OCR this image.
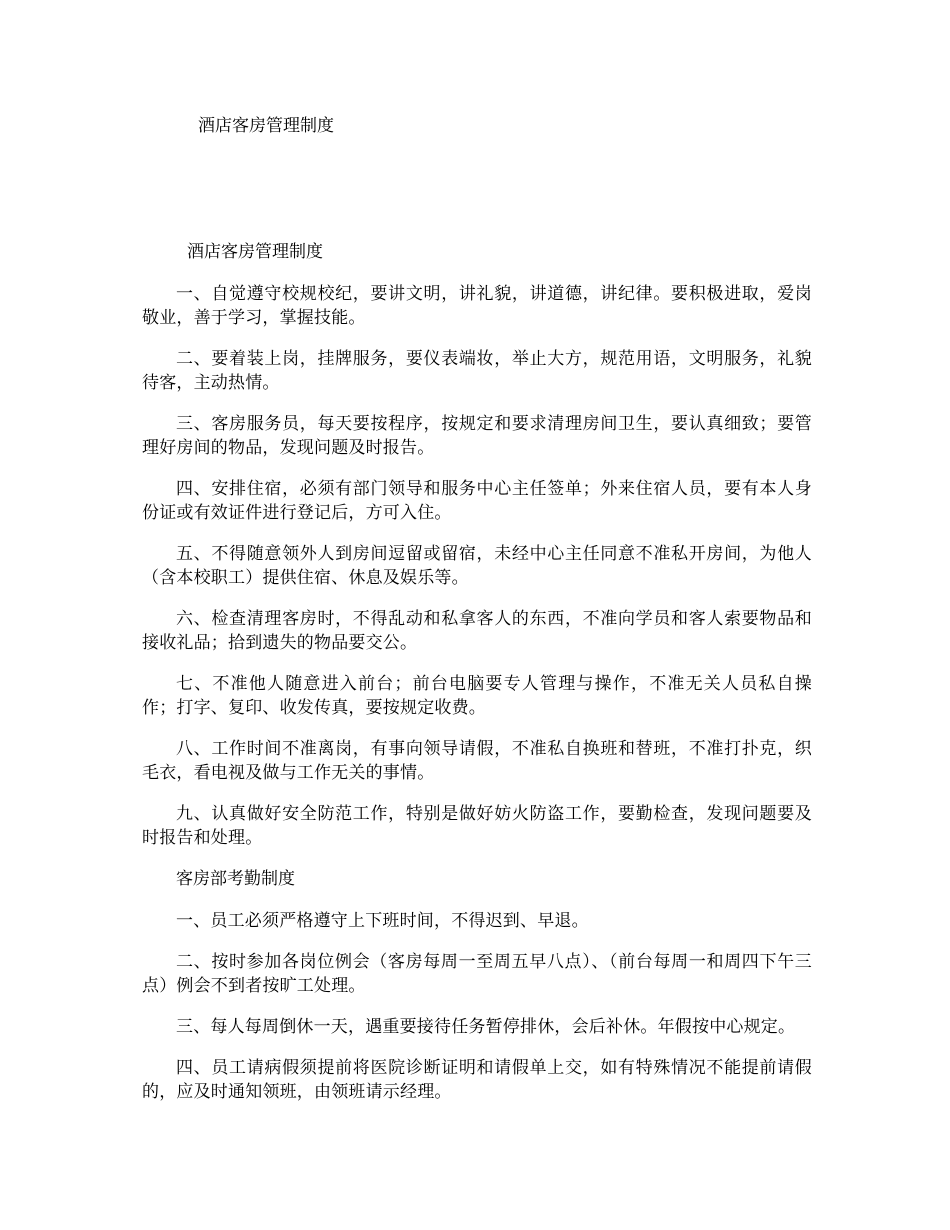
酒店客房管理制度
酒店客房管理制度

一、自觉遵守校规校纪，要讲文明，讲礼貌，讲道德，讲纪律。要积极进取，爱岗敬业，善于学习，掌握技能。

二、要着装上岗，挂牌服务，要仪表端妆，举止大方，规范用语，文明服务，礼貌待客，主动热情。

三、客房服务员，每天要按程序，按规定和要求清理房间卫生，要认真细致；要管理好房间的物品，发现问题及时报告。

四、安排住宿，必须有部门领导和服务中心主任签单；外来住宿人员，要有本人身份证或有效证件进行登记后，方可入住。

五、不得随意领外人到房间逗留或留宿，未经中心主任同意不准私开房间，为他人（含本校职工）提供住宿、休息及娱乐等。

六、检查清理客房时，不得乱动和私拿客人的东西，不准向学员和客人索要物品和接收礼品；拾到遗失的物品要交公。

七、不准他人随意进入前台；前台电脑要专人管理与操作，不准无关人员私自操作；打字、复印、收发传真，要按规定收费。

八、工作时间不准离岗，有事向领导请假，不准私自换班和替班，不准打扑克，织毛衣，看电视及做与工作无关的事情。

九、认真做好安全防范工作，特别是做好妨火防盗工作，要勤检查，发现问题要及时报告和处理。

客房部考勤制度

一、员工必须严格遵守上下班时间，不得迟到、早退。

二、按时参加各岗位例会（客房每周一至周五早八点）、（前台每周一和周四下午三点）例会不到者按旷工处理。

三、每人每周倒休一天，遇重要接待任务暂停排休，会后补休。年假按中心规定。

四、员工请病假须提前将医院诊断证明和请假单上交，如有特殊情况不能提前请假的，应及时通知领班，由领班请示经理。
